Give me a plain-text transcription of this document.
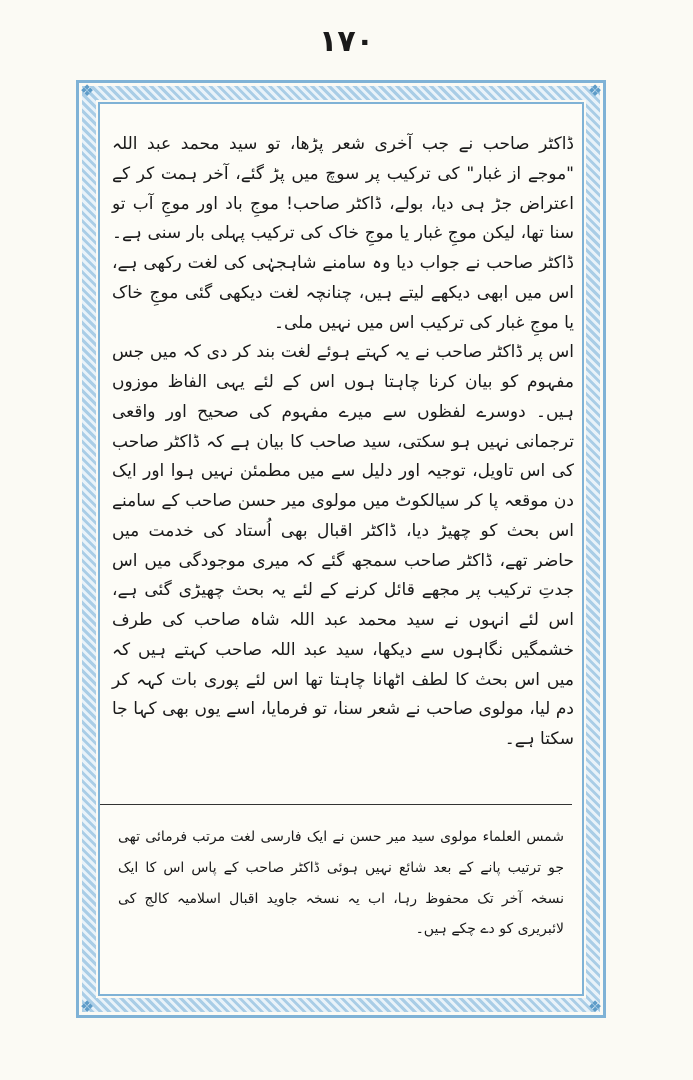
۱۷۰
❖	❖
❖	❖

ڈاکٹر صاحب نے جب آخری شعر پڑھا، تو سید محمد عبد اللہ "موجے از غبار" کی ترکیب پر سوچ میں پڑ گئے، آخر ہمت کر کے اعتراض جڑ ہی دیا، بولے، ڈاکٹر صاحب! موجِ باد اور موجِ آب تو سنا تھا، لیکن موجِ غبار یا موجِ خاک کی ترکیب پہلی بار سنی ہے۔ ڈاکٹر صاحب نے جواب دیا وہ سامنے شاہجہٰی کی لغت رکھی ہے، اس میں ابھی دیکھے لیتے ہیں، چنانچہ لغت دیکھی گئی موجِ خاک یا موجِ غبار کی ترکیب اس میں نہیں ملی۔

اس پر ڈاکٹر صاحب نے یہ کہتے ہوئے لغت بند کر دی کہ میں جس مفہوم کو بیان کرنا چاہتا ہوں اس کے لئے یہی الفاظ موزوں ہیں۔ دوسرے لفظوں سے میرے مفہوم کی صحیح اور واقعی ترجمانی نہیں ہو سکتی، سید صاحب کا بیان ہے کہ ڈاکٹر صاحب کی اس تاویل، توجیہ اور دلیل سے میں مطمئن نہیں ہوا اور ایک دن موقعہ پا کر سیالکوٹ میں مولوی میر حسن صاحب کے سامنے اس بحث کو چھیڑ دیا، ڈاکٹر اقبال بھی اُستاد کی خدمت میں حاضر تھے، ڈاکٹر صاحب سمجھ گئے کہ میری موجودگی میں اس جدتِ ترکیب پر مجھے قائل کرنے کے لئے یہ بحث چھیڑی گئی ہے، اس لئے انہوں نے سید محمد عبد اللہ شاہ صاحب کی طرف خشمگیں نگاہوں سے دیکھا، سید عبد اللہ صاحب کہتے ہیں کہ میں اس بحث کا لطف اٹھانا چاہتا تھا اس لئے پوری بات کہہ کر دم لیا، مولوی صاحب نے شعر سنا، تو فرمایا، اسے یوں بھی کہا جا سکتا ہے۔

شمس العلماء مولوی سید میر حسن نے ایک فارسی لغت مرتب فرمائی تھی جو ترتیب پانے کے بعد شائع نہیں ہوئی ڈاکٹر صاحب کے پاس اس کا ایک نسخہ آخر تک محفوظ رہا، اب یہ نسخہ جاوید اقبال اسلامیہ کالج کی لائبریری کو دے چکے ہیں۔
